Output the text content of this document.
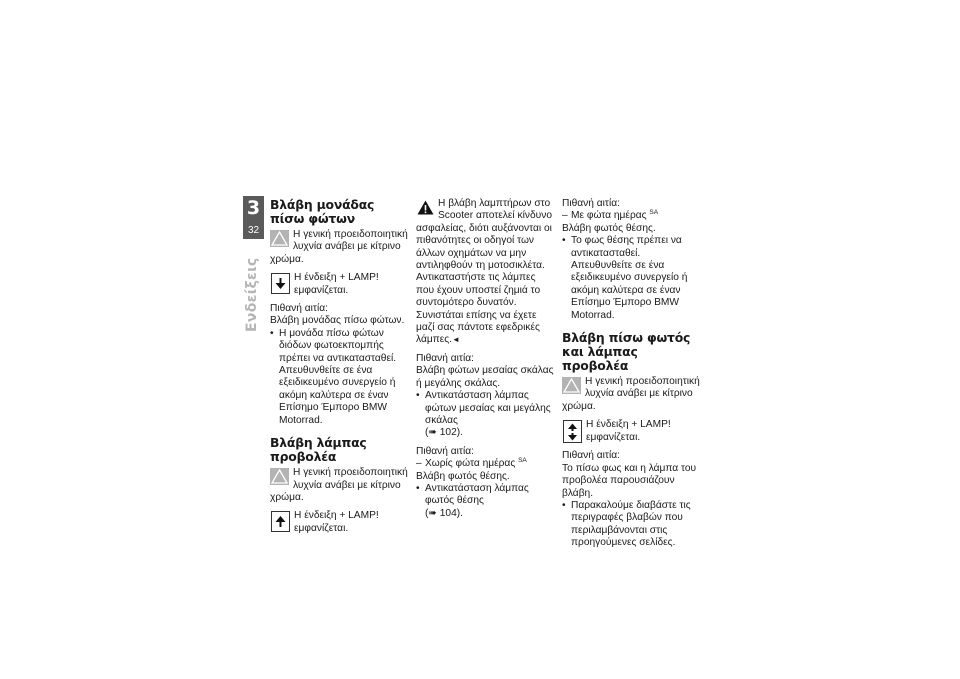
3
32
Ενδείξεις
Βλάβη μονάδας πίσω φώτων

Η γενική προειδοποιητική λυχνία ανάβει με κίτρινο χρώμα.

Η ένδειξη + LAMP! εμφανίζεται.

Πιθανή αιτία:

Βλάβη μονάδας πίσω φώτων.

• Η μονάδα πίσω φώτων διόδων φωτοεκπομπής πρέπει να αντικατασταθεί. Απευθυνθείτε σε ένα εξειδικευμένο συνεργείο ή ακόμη καλύτερα σε έναν Επίσημο Έμπορο BMW Motorrad.
Βλάβη λάμπας προβολέα

Η γενική προειδοποιητική λυχνία ανάβει με κίτρινο χρώμα.

Η ένδειξη + LAMP! εμφανίζεται.

Η βλάβη λαμπτήρων στο Scooter αποτελεί κίνδυνο ασφαλείας, διότι αυξάνονται οι πιθανότητες οι οδηγοί των άλλων οχημάτων να μην αντιληφθούν τη μοτοσικλέτα.

Αντικαταστήστε τις λάμπες που έχουν υποστεί ζημιά το συντομότερο δυνατόν. Συνιστάται επίσης να έχετε μαζί σας πάντοτε εφεδρικές λάμπες.◄

Πιθανή αιτία:

Βλάβη φώτων μεσαίας σκάλας ή μεγάλης σκάλας.

• Αντικατάσταση λάμπας φώτων μεσαίας και μεγάλης σκάλας
(➠ 102).

Πιθανή αιτία:

– Χωρίς φώτα ημέρας $^{SA}$

Βλάβη φωτός θέσης.

• Αντικατάσταση λάμπας φωτός θέσης
(➠ 104).

Πιθανή αιτία:

– Με φώτα ημέρας $^{SA}$

Βλάβη φωτός θέσης.

• Το φως θέσης πρέπει να αντικατασταθεί. Απευθυνθείτε σε ένα εξειδικευμένο συνεργείο ή ακόμη καλύτερα σε έναν Επίσημο Έμπορο BMW Motorrad.
Βλάβη πίσω φωτός και λάμπας προβολέα

Η γενική προειδοποιητική λυχνία ανάβει με κίτρινο χρώμα.

Η ένδειξη + LAMP! εμφανίζεται.

Πιθανή αιτία:

Το πίσω φως και η λάμπα του προβολέα παρουσιάζουν βλάβη.

• Παρακαλούμε διαβάστε τις περιγραφές βλαβών που περιλαμβάνονται στις προηγούμενες σελίδες.
